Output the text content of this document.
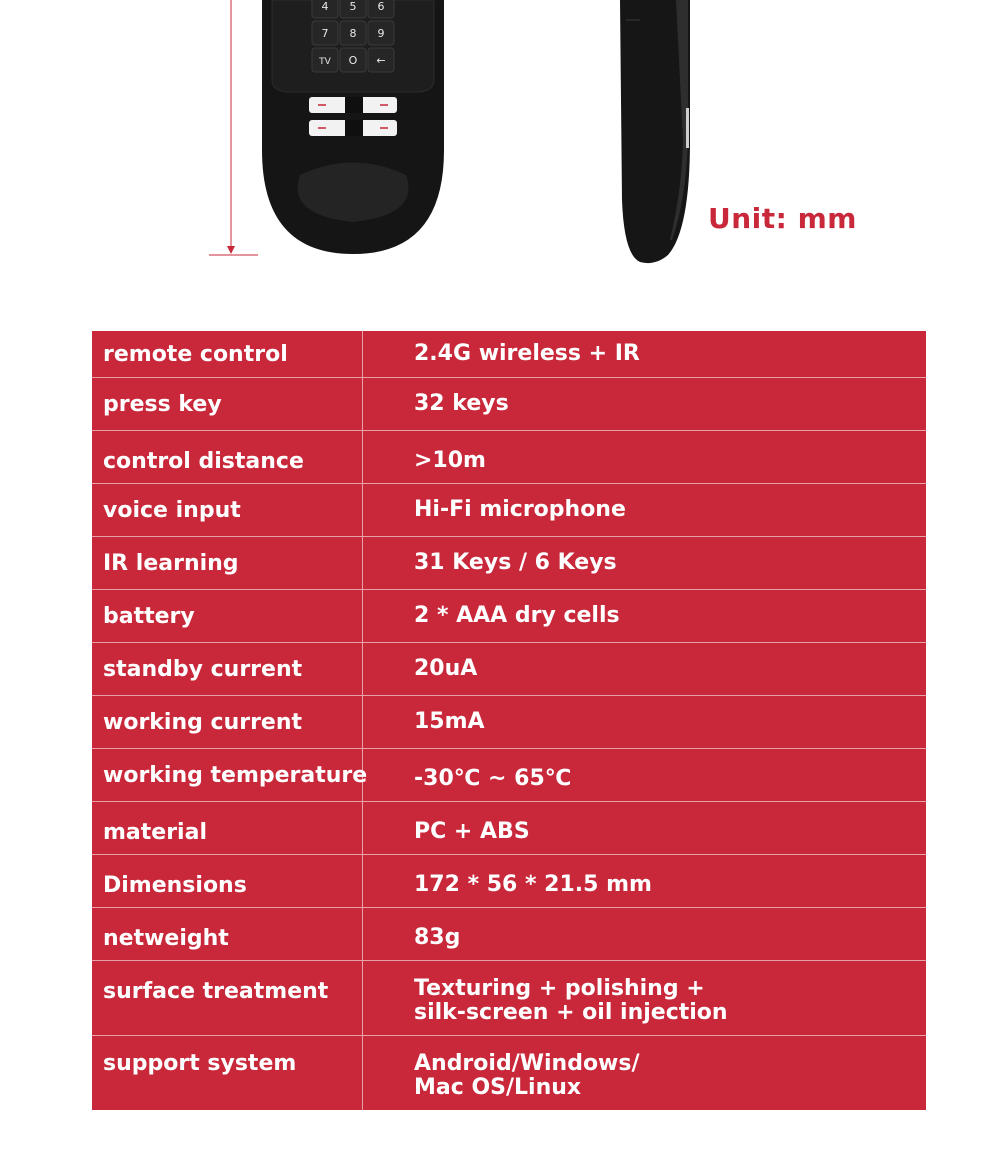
4 5 6
7 8 9
TV O ←
Unit: mm
remote control	2.4G wireless + IR
press key	32 keys
control distance	>10m
voice input	Hi-Fi microphone
IR learning	31 Keys / 6 Keys
battery	2 * AAA dry cells
standby current	20uA
working current	15mA
working temperature	-30℃ ~ 65℃
material	PC + ABS
Dimensions	172 * 56 * 21.5 mm
netweight	83g
surface treatment	Texturing + polishing +
silk-screen + oil injection
support system	Android/Windows/
Mac OS/Linux
